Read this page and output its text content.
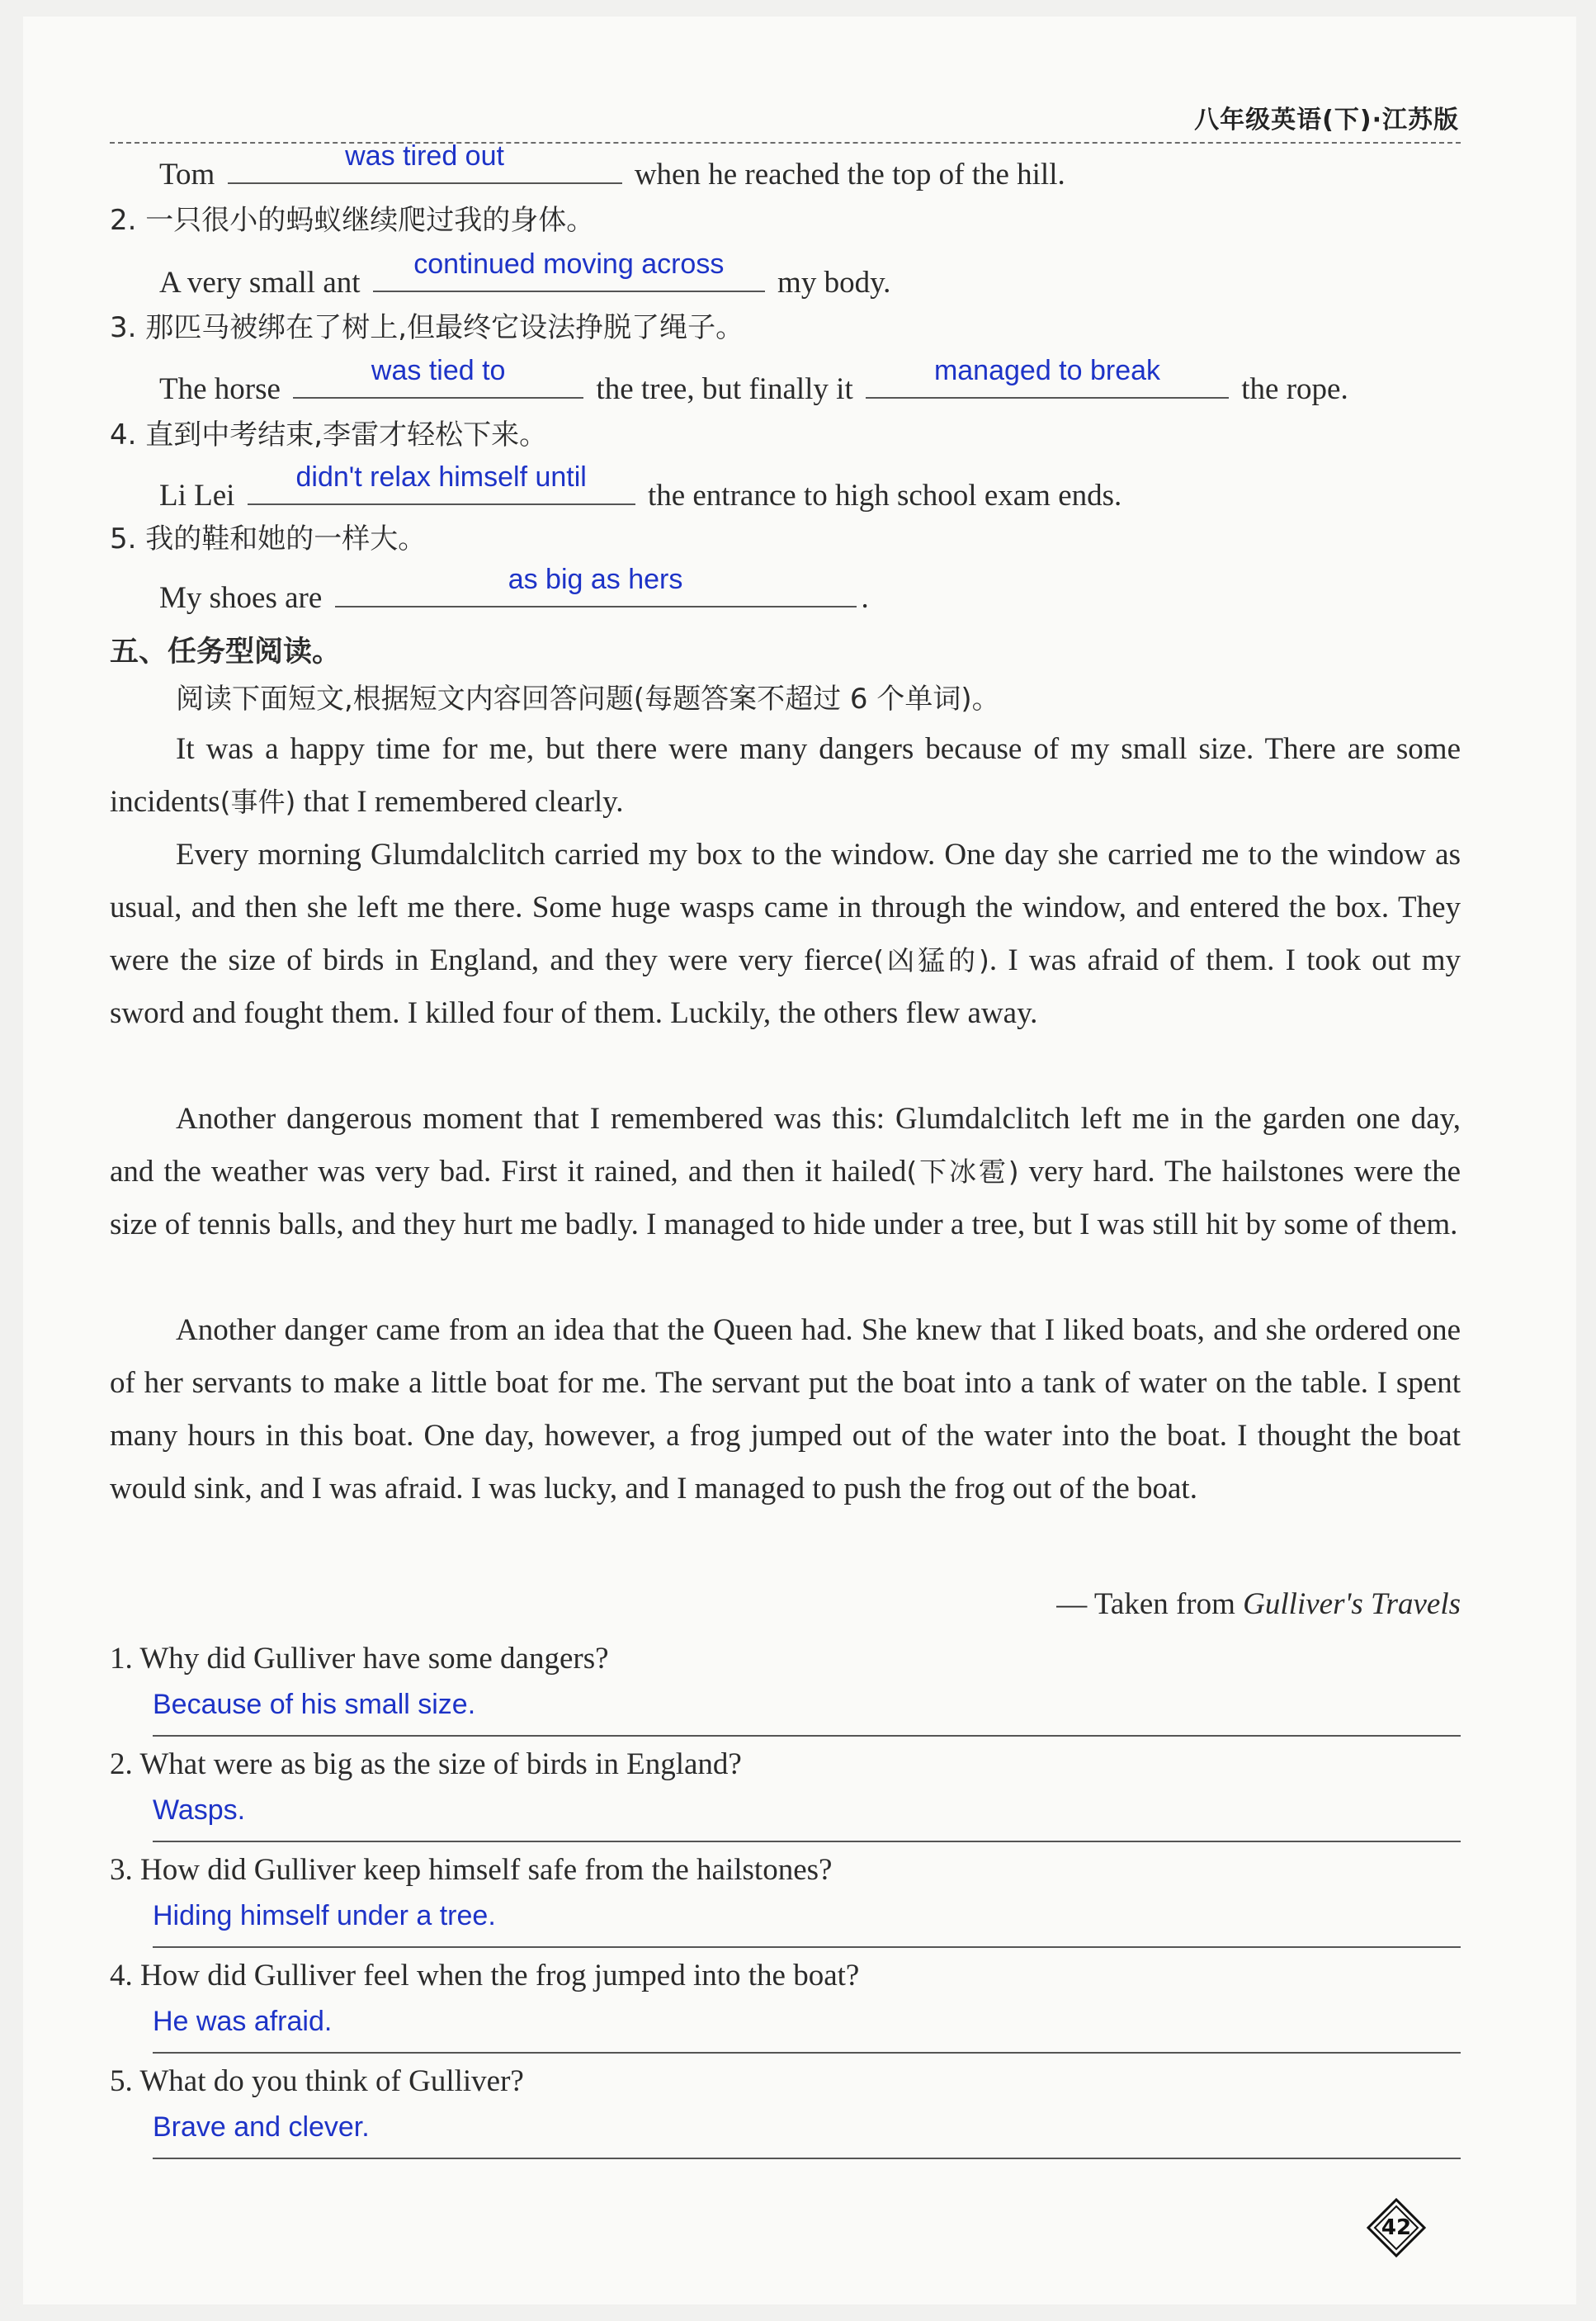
八年级英语(下)·江苏版
Tom
was tired out
when he reached the top of the hill.
2. 一只很小的蚂蚁继续爬过我的身体。
A very small ant
continued moving across
my body.
3. 那匹马被绑在了树上,但最终它设法挣脱了绳子。
The horse
was tied to
the tree, but finally it
managed to break
the rope.
4. 直到中考结束,李雷才轻松下来。
Li Lei
didn't relax himself until
the entrance to high school exam ends.
5. 我的鞋和她的一样大。
My shoes are
as big as hers
.
五、任务型阅读。
阅读下面短文,根据短文内容回答问题(每题答案不超过 6 个单词)。
It was a happy time for me, but there were many dangers because of my small size. There are some incidents(事件) that I remembered clearly.
Every morning Glumdalclitch carried my box to the window. One day she carried me to the window as usual, and then she left me there. Some huge wasps came in through the window, and entered the box. They were the size of birds in England, and they were very fierce(凶猛的). I was afraid of them. I took out my sword and fought them. I killed four of them. Luckily, the others flew away.
Another dangerous moment that I remembered was this: Glumdalclitch left me in the garden one day, and the weather was very bad. First it rained, and then it hailed(下冰雹) very hard. The hailstones were the size of tennis balls, and they hurt me badly. I managed to hide under a tree, but I was still hit by some of them.
Another danger came from an idea that the Queen had. She knew that I liked boats, and she ordered one of her servants to make a little boat for me. The servant put the boat into a tank of water on the table. I spent many hours in this boat. One day, however, a frog jumped out of the water into the boat. I thought the boat would sink, and I was afraid. I was lucky, and I managed to push the frog out of the boat.
— Taken from Gulliver's Travels
1. Why did Gulliver have some dangers?
Because of his small size.
2. What were as big as the size of birds in England?
Wasps.
3. How did Gulliver keep himself safe from the hailstones?
Hiding himself under a tree.
4. How did Gulliver feel when the frog jumped into the boat?
He was afraid.
5. What do you think of Gulliver?
Brave and clever.
42
